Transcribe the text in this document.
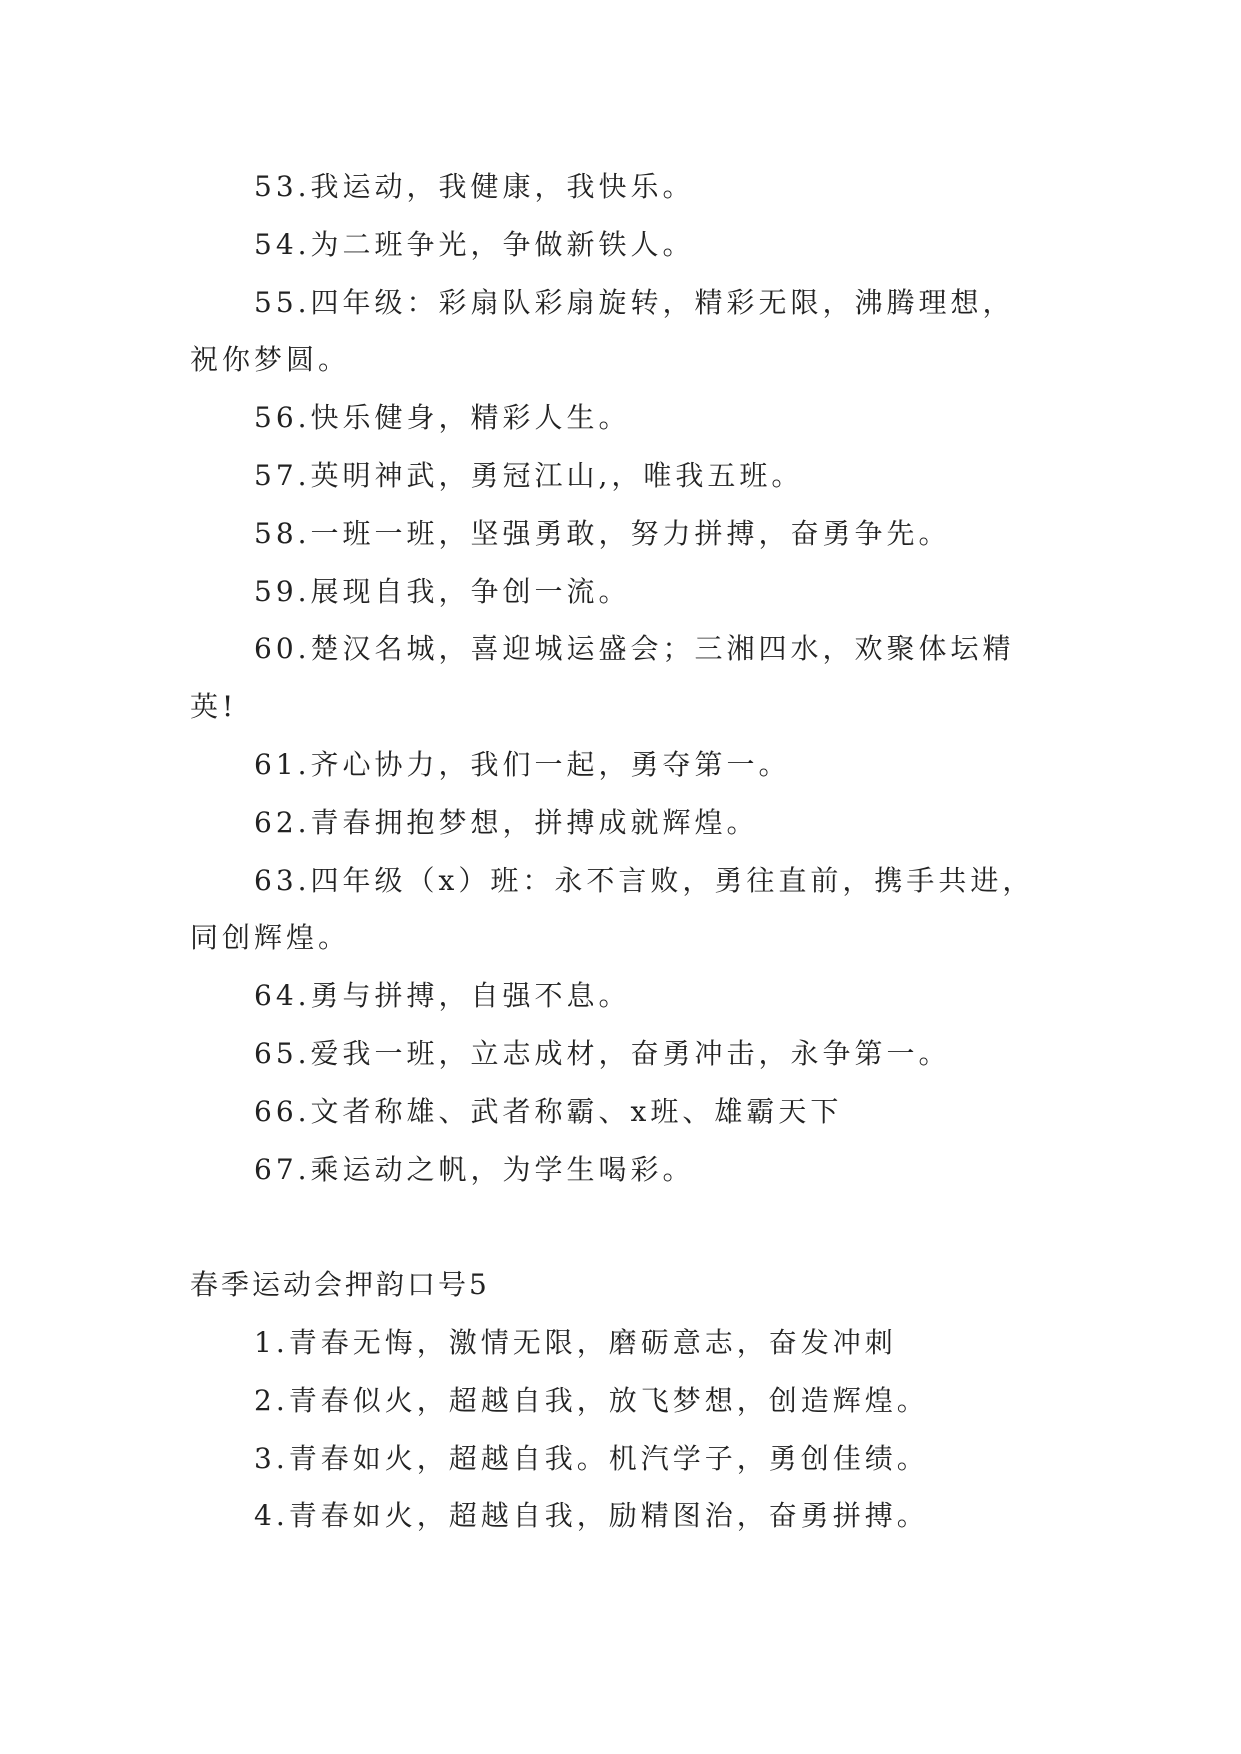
53.我运动，我健康，我快乐。
54.为二班争光，争做新铁人。
55.四年级：彩扇队彩扇旋转，精彩无限，沸腾理想，
祝你梦圆。
56.快乐健身，精彩人生。
57.英明神武，勇冠江山,，唯我五班。
58.一班一班，坚强勇敢，努力拼搏，奋勇争先。
59.展现自我，争创一流。
60.楚汉名城，喜迎城运盛会；三湘四水，欢聚体坛精
英!
61.齐心协力，我们一起，勇夺第一。
62.青春拥抱梦想，拼搏成就辉煌。
63.四年级（x）班：永不言败，勇往直前，携手共进，
同创辉煌。
64.勇与拼搏，自强不息。
65.爱我一班，立志成材，奋勇冲击，永争第一。
66.文者称雄、武者称霸、x班、雄霸天下
67.乘运动之帆，为学生喝彩。
春季运动会押韵口号5
1.青春无悔，激情无限，磨砺意志，奋发冲刺
2.青春似火，超越自我，放飞梦想，创造辉煌。
3.青春如火，超越自我。机汽学子，勇创佳绩。
4.青春如火，超越自我，励精图治，奋勇拼搏。
